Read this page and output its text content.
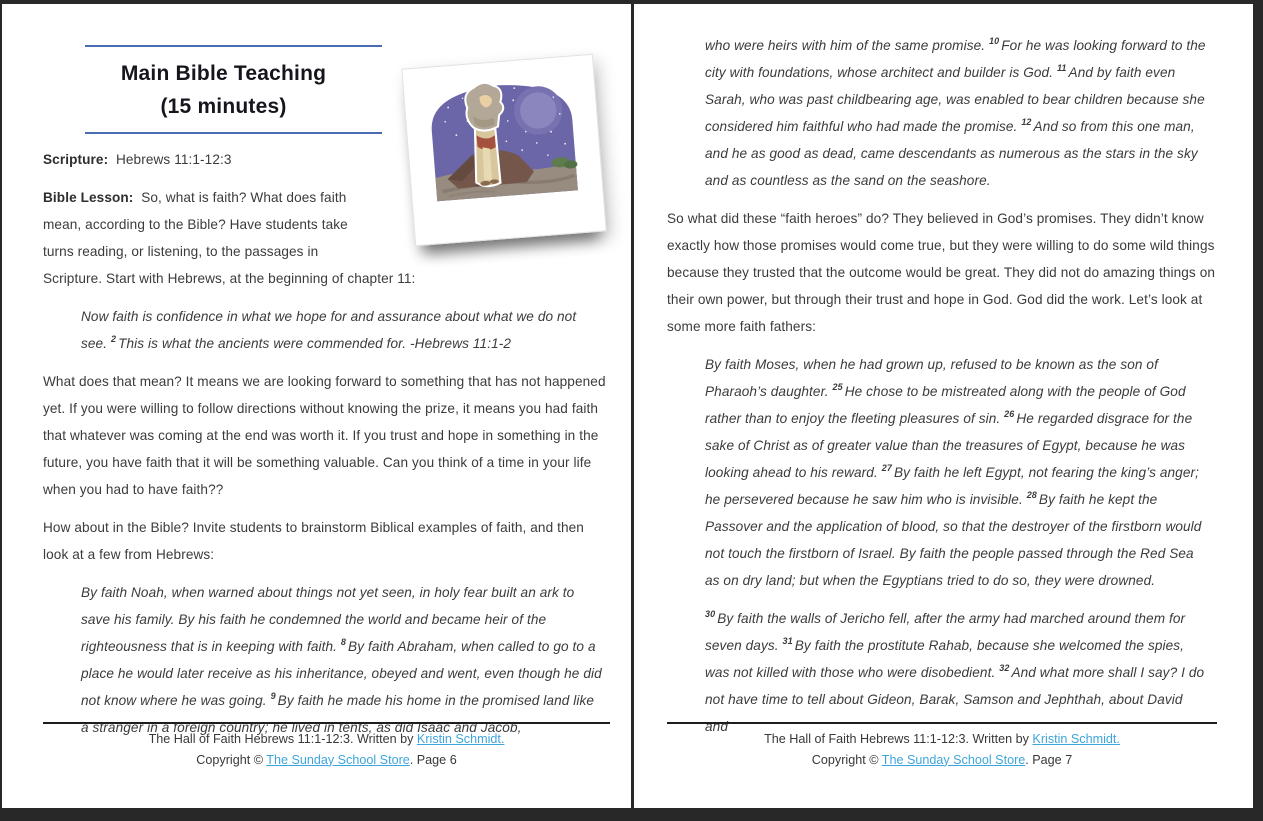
Main Bible Teaching
(15 minutes)

Scripture: Hebrews 11:1-12:3

Bible Lesson: So, what is faith? What does faith mean, according to the Bible? Have students take turns reading, or listening, to the passages in Scripture. Start with Hebrews, at the beginning of chapter 11:

Now faith is confidence in what we hope for and assurance about what we do not see. $^2$ This is what the ancients were commended for. -Hebrews 11:1-2

What does that mean? It means we are looking forward to something that has not happened yet. If you were willing to follow directions without knowing the prize, it means you had faith that whatever was coming at the end was worth it. If you trust and hope in something in the future, you have faith that it will be something valuable. Can you think of a time in your life when you had to have faith??

How about in the Bible? Invite students to brainstorm Biblical examples of faith, and then look at a few from Hebrews:

By faith Noah, when warned about things not yet seen, in holy fear built an ark to save his family. By his faith he condemned the world and became heir of the righteousness that is in keeping with faith. $^8$ By faith Abraham, when called to go to a place he would later receive as his inheritance, obeyed and went, even though he did not know where he was going. $^9$ By faith he made his home in the promised land like a stranger in a foreign country; he lived in tents, as did Isaac and Jacob,

The Hall of Faith Hebrews 11:1-12:3. Written by Kristin Schmidt.

Copyright © The Sunday School Store. Page 6

who were heirs with him of the same promise. $^{10}$ For he was looking forward to the city with foundations, whose architect and builder is God. $^{11}$ And by faith even Sarah, who was past childbearing age, was enabled to bear children because she considered him faithful who had made the promise. $^{12}$ And so from this one man, and he as good as dead, came descendants as numerous as the stars in the sky and as countless as the sand on the seashore.

So what did these “faith heroes” do? They believed in God’s promises. They didn’t know exactly how those promises would come true, but they were willing to do some wild things because they trusted that the outcome would be great. They did not do amazing things on their own power, but through their trust and hope in God. God did the work. Let’s look at some more faith fathers:

By faith Moses, when he had grown up, refused to be known as the son of Pharaoh’s daughter. $^{25}$ He chose to be mistreated along with the people of God rather than to enjoy the fleeting pleasures of sin. $^{26}$ He regarded disgrace for the sake of Christ as of greater value than the treasures of Egypt, because he was looking ahead to his reward. $^{27}$ By faith he left Egypt, not fearing the king’s anger; he persevered because he saw him who is invisible. $^{28}$ By faith he kept the Passover and the application of blood, so that the destroyer of the firstborn would not touch the firstborn of Israel. By faith the people passed through the Red Sea as on dry land; but when the Egyptians tried to do so, they were drowned.

$^{30}$ By faith the walls of Jericho fell, after the army had marched around them for seven days. $^{31}$ By faith the prostitute Rahab, because she welcomed the spies, was not killed with those who were disobedient. $^{32}$ And what more shall I say? I do not have time to tell about Gideon, Barak, Samson and Jephthah, about David and

The Hall of Faith Hebrews 11:1-12:3. Written by Kristin Schmidt.

Copyright © The Sunday School Store. Page 7
